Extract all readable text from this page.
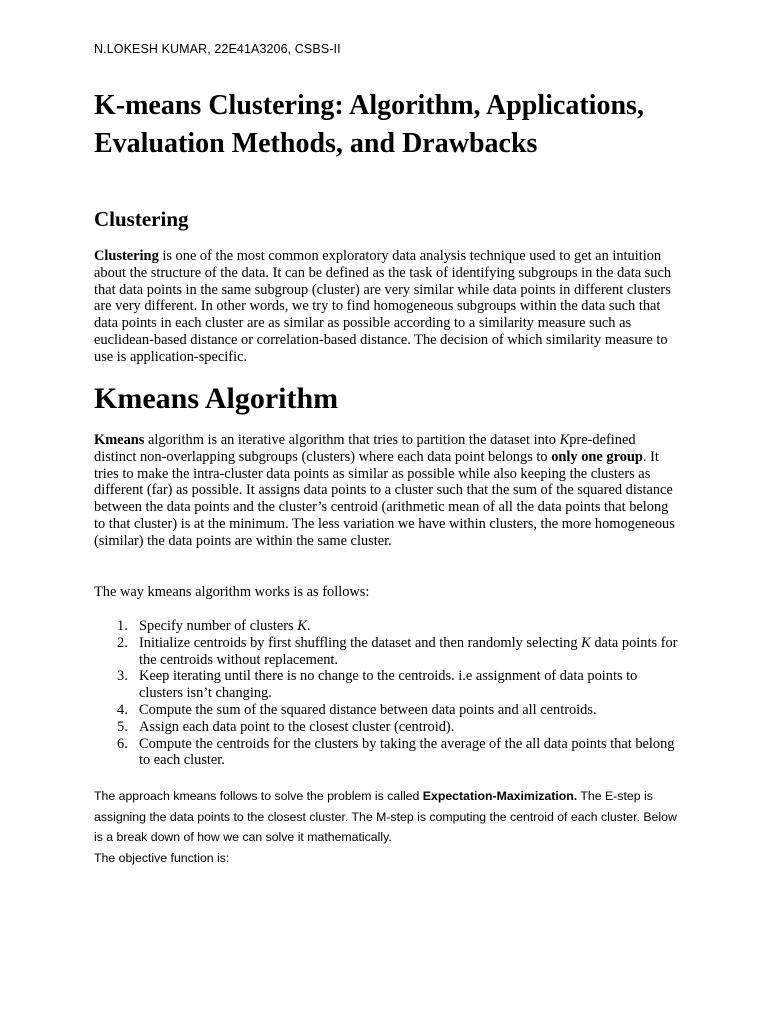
N.LOKESH KUMAR, 22E41A3206, CSBS-II
K-means Clustering: Algorithm, Applications, Evaluation Methods, and Drawbacks
Clustering

Clustering is one of the most common exploratory data analysis technique used to get an intuition about the structure of the data. It can be defined as the task of identifying subgroups in the data such that data points in the same subgroup (cluster) are very similar while data points in different clusters are very different. In other words, we try to find homogeneous subgroups within the data such that data points in each cluster are as similar as possible according to a similarity measure such as euclidean-based distance or correlation-based distance. The decision of which similarity measure to use is application-specific.

Kmeans Algorithm

Kmeans algorithm is an iterative algorithm that tries to partition the dataset into Kpre-defined distinct non-overlapping subgroups (clusters) where each data point belongs to only one group. It tries to make the intra-cluster data points as similar as possible while also keeping the clusters as different (far) as possible. It assigns data points to a cluster such that the sum of the squared distance between the data points and the cluster’s centroid (arithmetic mean of all the data points that belong to that cluster) is at the minimum. The less variation we have within clusters, the more homogeneous (similar) the data points are within the same cluster.

The way kmeans algorithm works is as follows:

1. Specify number of clusters K.
2. Initialize centroids by first shuffling the dataset and then randomly selecting K data points for the centroids without replacement.
3. Keep iterating until there is no change to the centroids. i.e assignment of data points to clusters isn’t changing.
4. Compute the sum of the squared distance between data points and all centroids.
5. Assign each data point to the closest cluster (centroid).
6. Compute the centroids for the clusters by taking the average of the all data points that belong to each cluster.

The approach kmeans follows to solve the problem is called Expectation-Maximization. The E-step is assigning the data points to the closest cluster. The M-step is computing the centroid of each cluster. Below is a break down of how we can solve it mathematically.

The objective function is:
